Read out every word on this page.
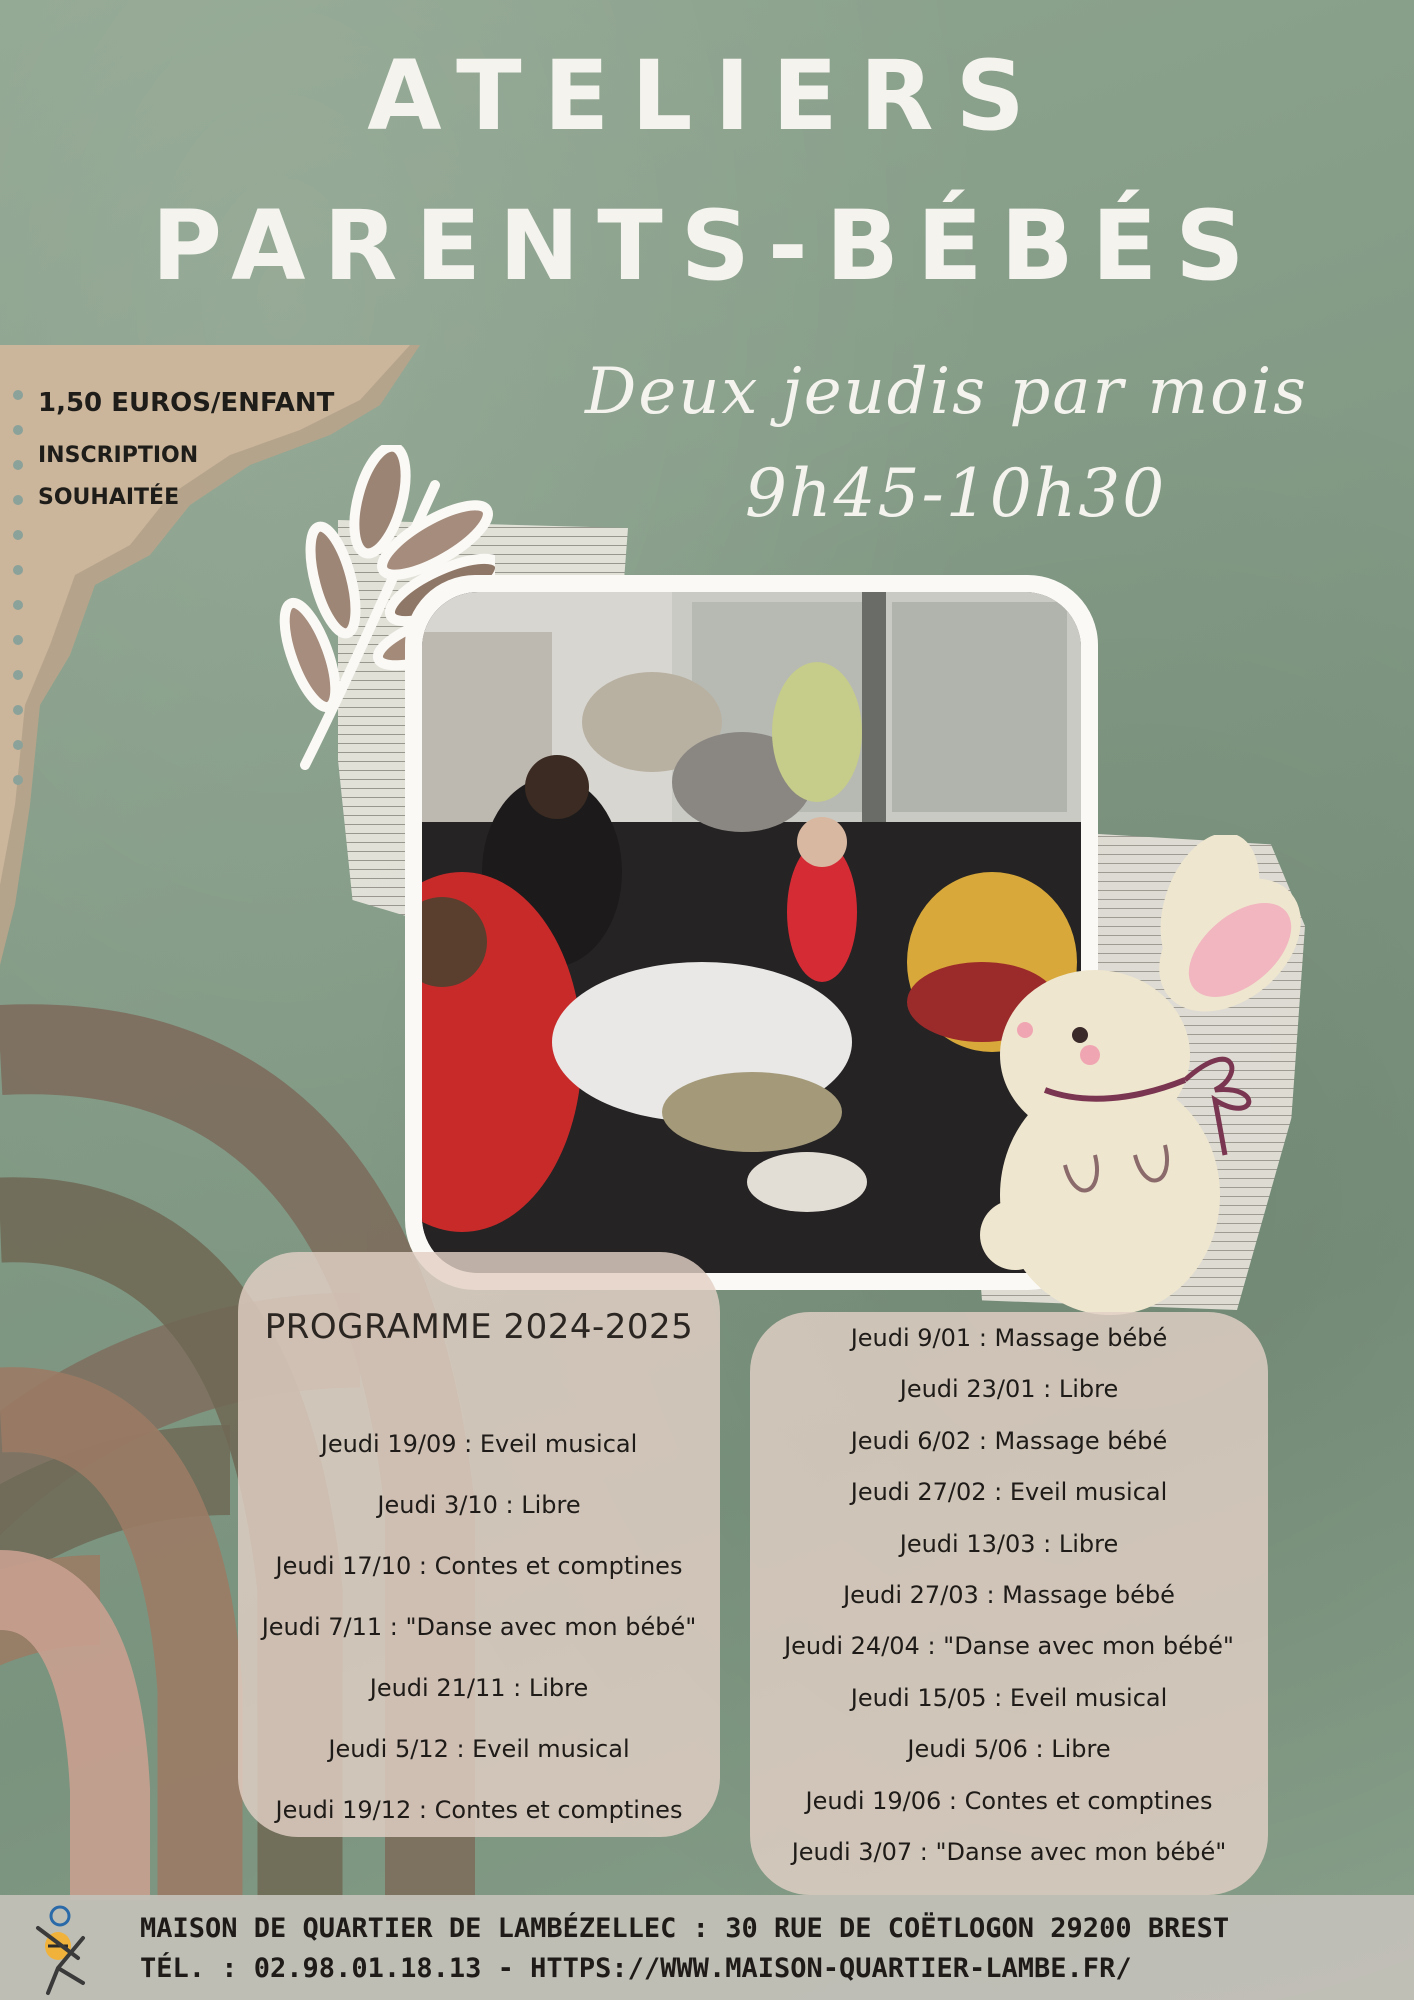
ATELIERS
PARENTS-BÉBÉS
Deux jeudis par mois
9h45-10h30
1,50 EUROS/ENFANT
INSCRIPTION
SOUHAITÉE
PROGRAMME 2024-2025
Jeudi 19/09 : Eveil musical
Jeudi 3/10 : Libre
Jeudi 17/10 : Contes et comptines
Jeudi 7/11 : "Danse avec mon bébé"
Jeudi 21/11 : Libre
Jeudi 5/12 : Eveil musical
Jeudi 19/12 : Contes et comptines
Jeudi 9/01 : Massage bébé
Jeudi 23/01 : Libre
Jeudi 6/02 : Massage bébé
Jeudi 27/02 : Eveil musical
Jeudi 13/03 : Libre
Jeudi 27/03 : Massage bébé
Jeudi 24/04 : "Danse avec mon bébé"
Jeudi 15/05 : Eveil musical
Jeudi 5/06 : Libre
Jeudi 19/06 : Contes et comptines
Jeudi 3/07 : "Danse avec mon bébé"
MAISON DE QUARTIER DE LAMBÉZELLEC : 30 RUE DE COËTLOGON 29200 BREST
TÉL. : 02.98.01.18.13 - HTTPS://WWW.MAISON-QUARTIER-LAMBE.FR/
